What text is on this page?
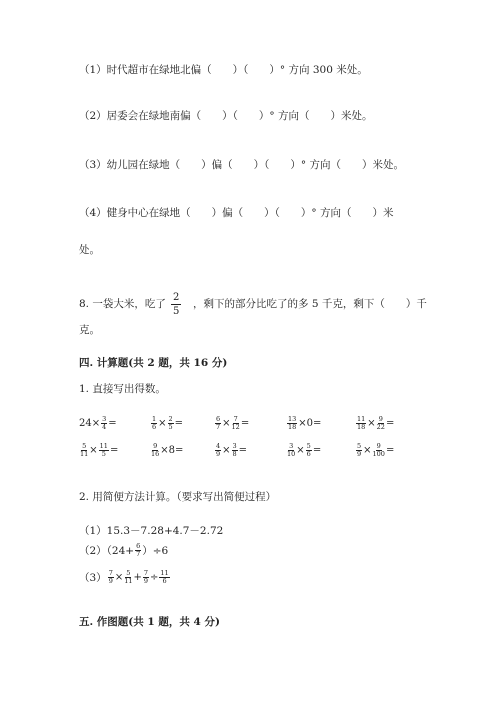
（1）时代超市在绿地北偏（　　）（　　）° 方向 300 米处。
（2）居委会在绿地南偏（　　）（　　）° 方向（　　）米处。
（3）幼儿园在绿地（　　）偏（　　）（　　）° 方向（　　）米处。
（4）健身中心在绿地（　　）偏（　　）（　　）° 方向（　　）米
处。
8. 一袋大米，吃了 $\frac{2}{5}$ ，剩下的部分比吃了的多 5 千克，剩下（　　）千
克。
四. 计算题(共 2 题，共 16 分)
1. 直接写出得数。
$24\times \frac{3}{4}$ =	$\frac{1}{6} \times \frac{2}{5}$ =	$\frac{6}{7} \times \frac{7}{12}$ =	$\frac{13}{18} \times 0=$	$\frac{11}{18} \times \frac{9}{22}$ =
$\frac{5}{11} \times \frac{11}{5}$ =	$\frac{9}{16} \times 8=$	$\frac{4}{9} \times \frac{3}{8}$ =	$\frac{3}{10} \times \frac{5}{6}$ =	$\frac{5}{9} \times \frac{9}{100}$ =
2. 用简便方法计算。（要求写出简便过程）
（1）15.3－7.28+4.7－2.72
$(2)(24+ \frac{6}{7} )\div 6$
$(3) \frac{7}{9} \times \frac{5}{11} + \frac{7}{9} \div \frac{11}{6}$
五. 作图题(共 1 题，共 4 分)
